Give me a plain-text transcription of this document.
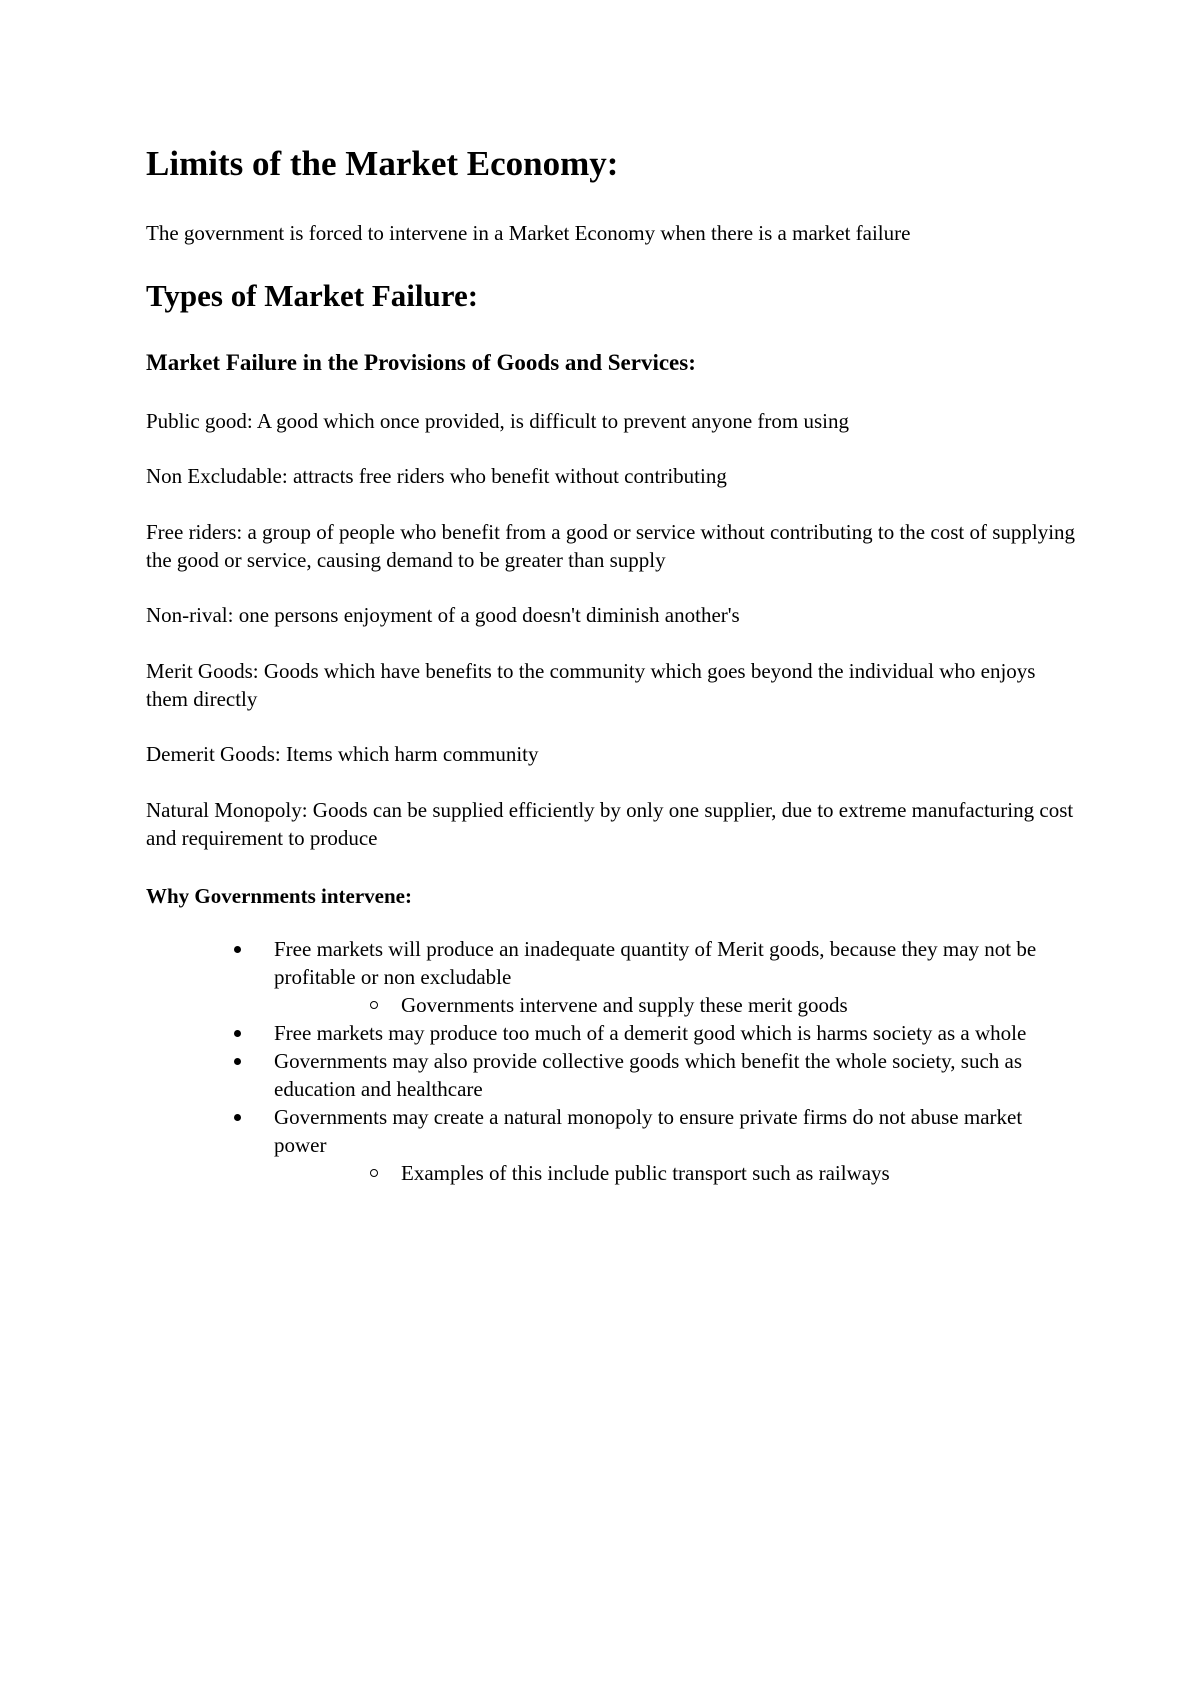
Limits of the Market Economy:

The government is forced to intervene in a Market Economy when there is a market failure

Types of Market Failure:
Market Failure in the Provisions of Goods and Services:

Public good: A good which once provided, is difficult to prevent anyone from using

Non Excludable: attracts free riders who benefit without contributing

Free riders: a group of people who benefit from a good or service without contributing to the cost of supplying the good or service, causing demand to be greater than supply

Non-rival: one persons enjoyment of a good doesn't diminish another's

Merit Goods: Goods which have benefits to the community which goes beyond the individual who enjoys them directly

Demerit Goods: Items which harm community

Natural Monopoly: Goods can be supplied efficiently by only one supplier, due to extreme manufacturing cost and requirement to produce

Why Governments intervene:
Free markets will produce an inadequate quantity of Merit goods, because they may not be profitable or non excludable
Governments intervene and supply these merit goods
Free markets may produce too much of a demerit good which is harms society as a whole
Governments may also provide collective goods which benefit the whole society, such as education and healthcare
Governments may create a natural monopoly to ensure private firms do not abuse market power
Examples of this include public transport such as railways
